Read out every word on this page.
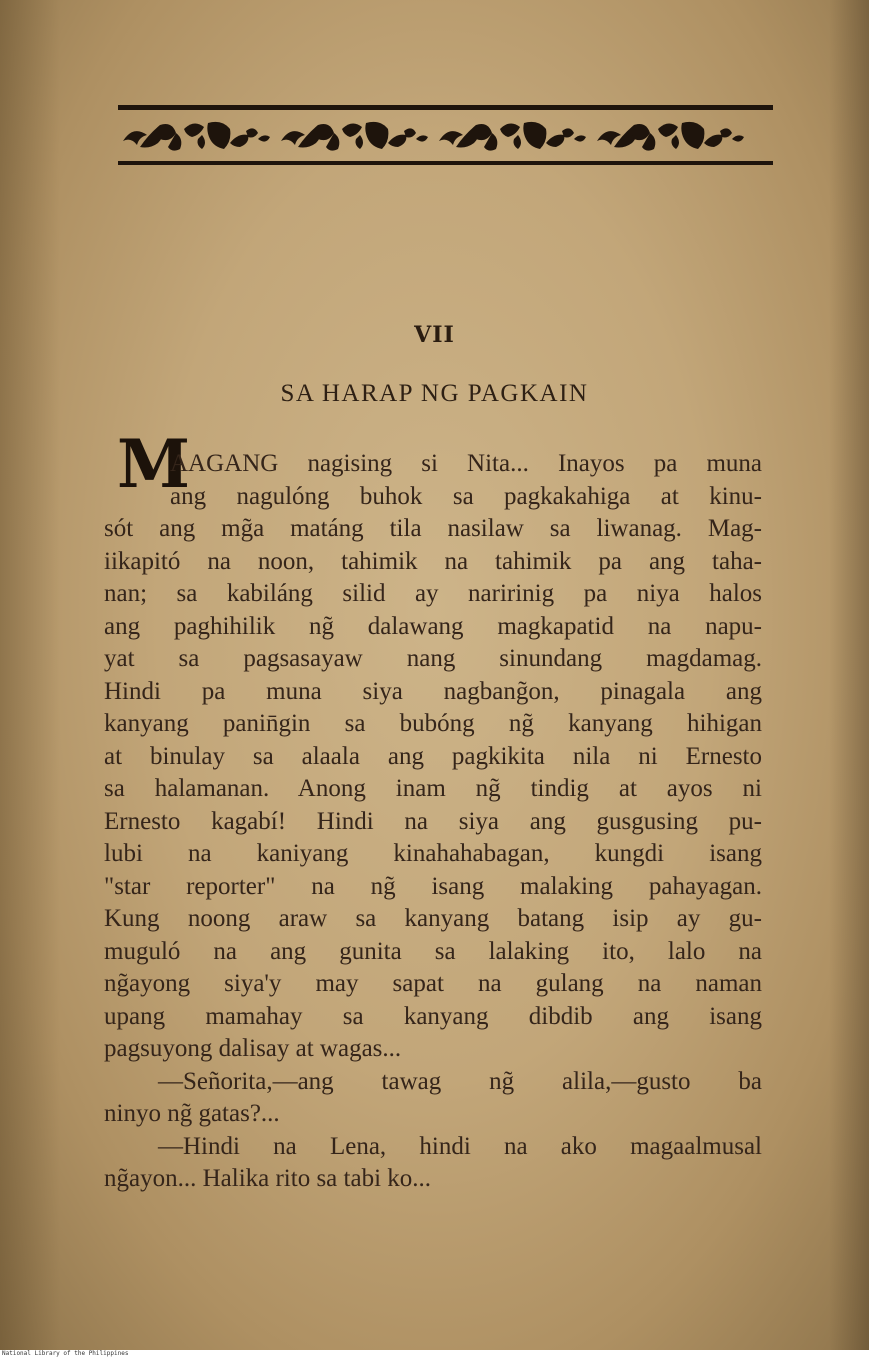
VII
SA HARAP NG PAGKAIN
M
AAGANG nagising si Nita... Inayos pa muna
ang nagulóng buhok sa pagkakahiga at kinu-
sót ang mg̃a matáng tila nasilaw sa liwanag. Mag-
iikapitó na noon, tahimik na tahimik pa ang taha-
nan; sa kabiláng silid ay naririnig pa niya halos
ang paghihilik ng̃ dalawang magkapatid na napu-
yat sa pagsasayaw nang sinundang magdamag.
Hindi pa muna siya nagbang̃on, pinagala ang
kanyang panin̄gin sa bubóng ng̃ kanyang hihigan
at binulay sa alaala ang pagkikita nila ni Ernesto
sa halamanan. Anong inam ng̃ tindig at ayos ni
Ernesto kagabí! Hindi na siya ang gusgusing pu-
lubi na kaniyang kinahahabagan, kungdi isang
"star reporter" na ng̃ isang malaking pahayagan.
Kung noong araw sa kanyang batang isip ay gu-
muguló na ang gunita sa lalaking ito, lalo na
ng̃ayong siya'y may sapat na gulang na naman
upang mamahay sa kanyang dibdib ang isang
pagsuyong dalisay at wagas...
—Señorita,—ang tawag ng̃ alila,—gusto ba
ninyo ng̃ gatas?...
—Hindi na Lena, hindi na ako magaalmusal
ng̃ayon... Halika rito sa tabi ko...
National Library of the Philippines
